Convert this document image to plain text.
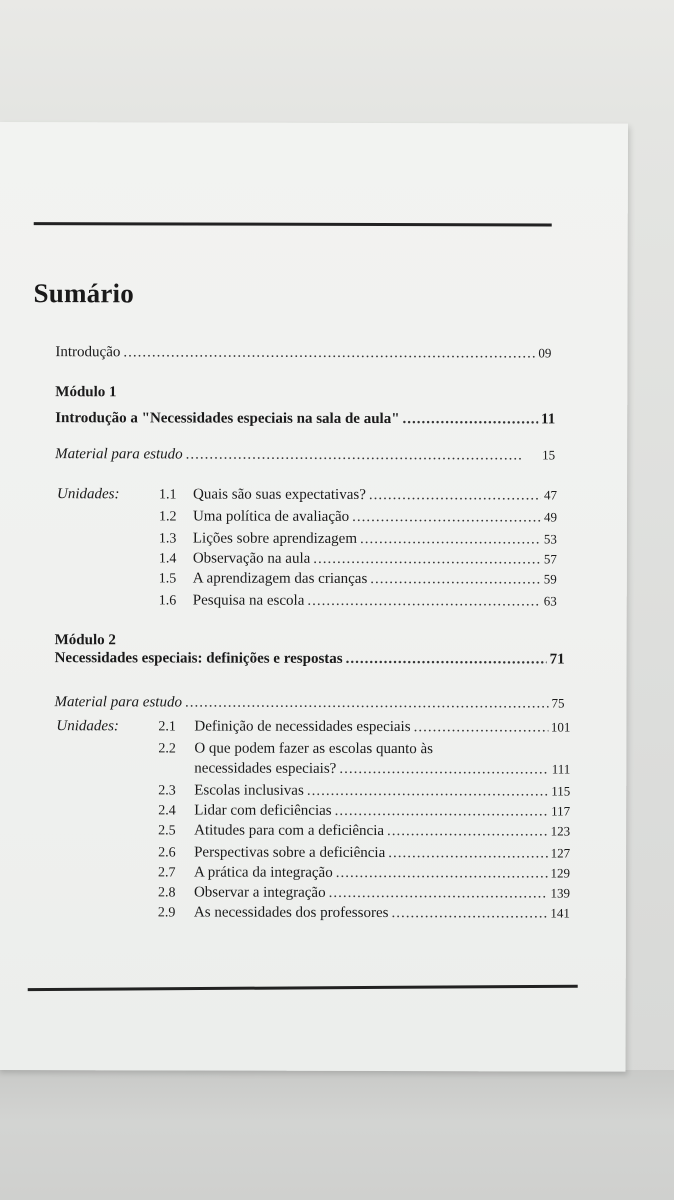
Sumário
Introdução .....	09
Módulo 1
Introdução a "Necessidades especiais na sala de aula" .....	11
Material para estudo .....	15
Unidades:	1.1	Quais são suas expectativas? .....	47
1.2	Uma política de avaliação .....	49
1.3	Lições sobre aprendizagem .....	53
1.4	Observação na aula .....	57
1.5	A aprendizagem das crianças .....	59
1.6	Pesquisa na escola .....	63
Módulo 2
Necessidades especiais: definições e respostas .....	71
Material para estudo .....	75
Unidades:	2.1	Definição de necessidades especiais .....	101
2.2	O que podem fazer as escolas quanto às
necessidades especiais? .....	111
2.3	Escolas inclusivas .....	115
2.4	Lidar com deficiências .....	117
2.5	Atitudes para com a deficiência .....	123
2.6	Perspectivas sobre a deficiência .....	127
2.7	A prática da integração .....	129
2.8	Observar a integração .....	139
2.9	As necessidades dos professores .....	141
